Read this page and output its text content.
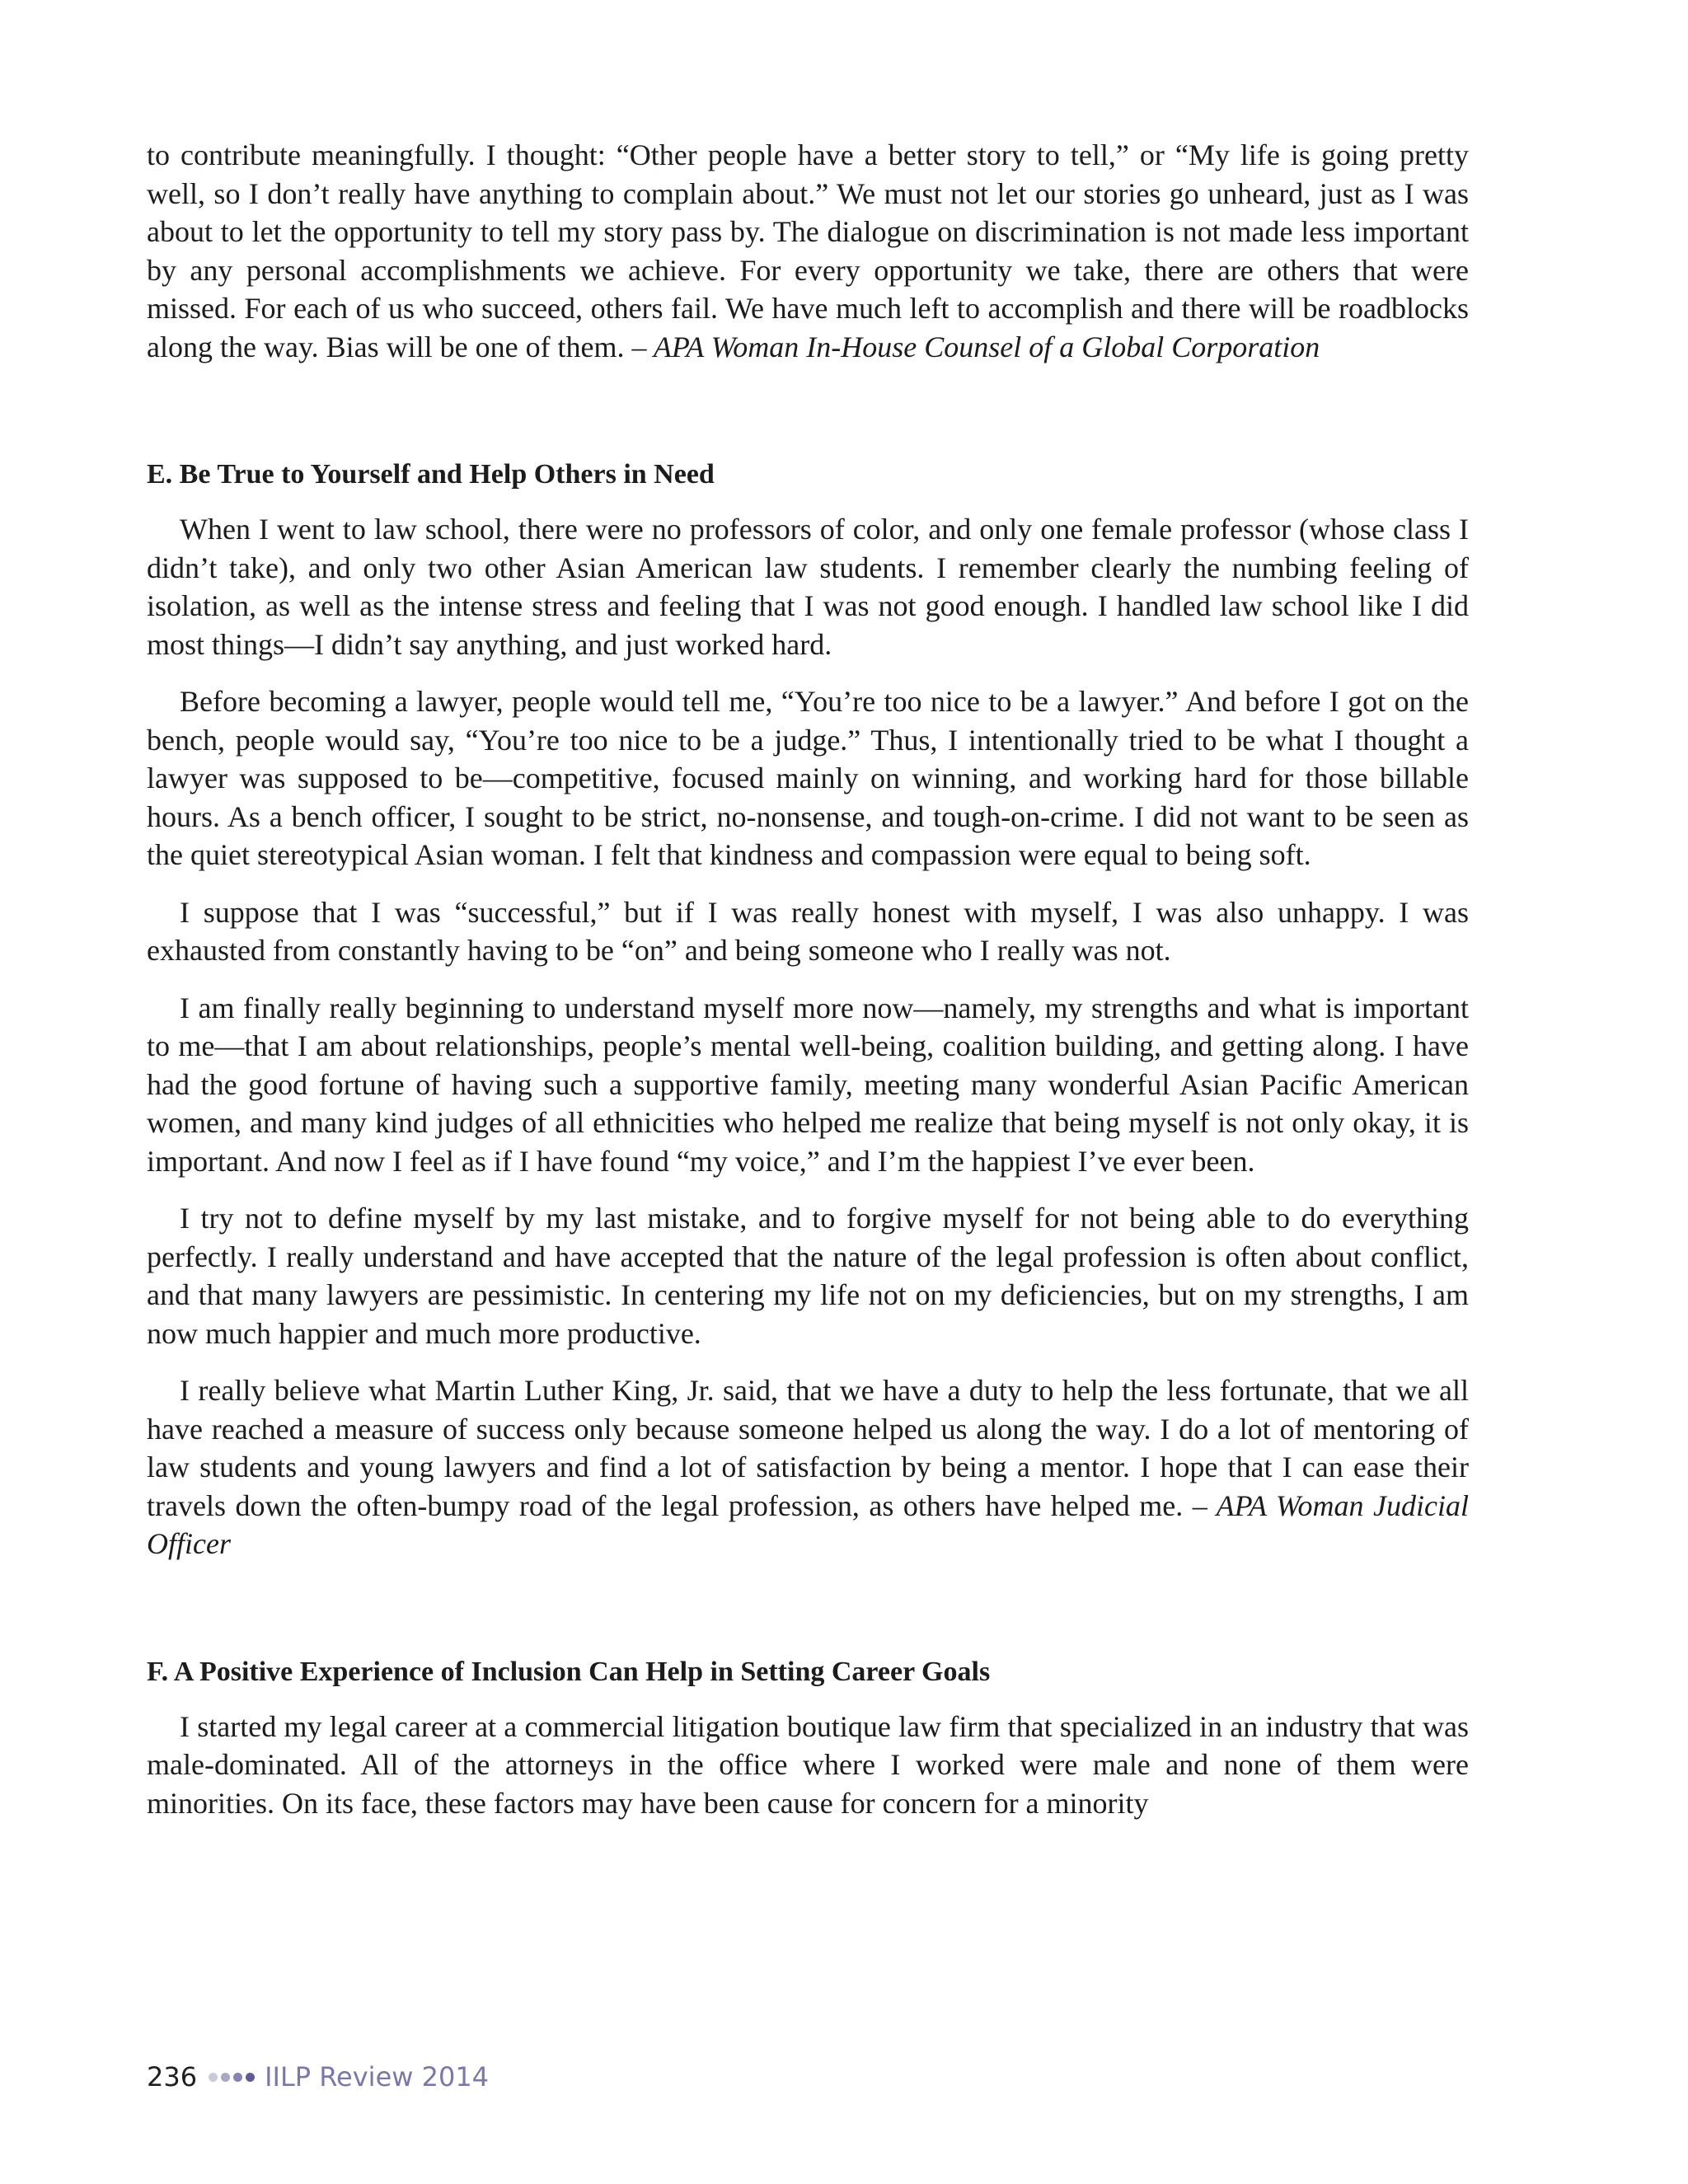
to contribute meaningfully. I thought: “Other people have a better story to tell,” or “My life is going pretty well, so I don’t really have anything to complain about.” We must not let our stories go unheard, just as I was about to let the opportunity to tell my story pass by. The dialogue on discrimination is not made less important by any personal accomplishments we achieve. For every opportunity we take, there are others that were missed. For each of us who succeed, others fail. We have much left to accomplish and there will be roadblocks along the way. Bias will be one of them. – APA Woman In-House Counsel of a Global Corporation

E. Be True to Yourself and Help Others in Need

When I went to law school, there were no professors of color, and only one female professor (whose class I didn’t take), and only two other Asian American law students. I remember clearly the numbing feeling of isolation, as well as the intense stress and feeling that I was not good enough. I handled law school like I did most things—I didn’t say anything, and just worked hard.

Before becoming a lawyer, people would tell me, “You’re too nice to be a lawyer.” And before I got on the bench, people would say, “You’re too nice to be a judge.” Thus, I intentionally tried to be what I thought a lawyer was supposed to be—competitive, focused mainly on winning, and working hard for those billable hours. As a bench officer, I sought to be strict, no-nonsense, and tough-on-crime. I did not want to be seen as the quiet stereotypical Asian woman. I felt that kindness and compassion were equal to being soft.

I suppose that I was “successful,” but if I was really honest with myself, I was also unhappy. I was exhausted from constantly having to be “on” and being someone who I really was not.

I am finally really beginning to understand myself more now—namely, my strengths and what is important to me—that I am about relationships, people’s mental well-being, coalition building, and getting along. I have had the good fortune of having such a supportive family, meeting many wonderful Asian Pacific American women, and many kind judges of all ethnicities who helped me realize that being myself is not only okay, it is important. And now I feel as if I have found “my voice,” and I’m the happiest I’ve ever been.

I try not to define myself by my last mistake, and to forgive myself for not being able to do everything perfectly. I really understand and have accepted that the nature of the legal profession is often about conflict, and that many lawyers are pessimistic. In centering my life not on my deficiencies, but on my strengths, I am now much happier and much more productive.

I really believe what Martin Luther King, Jr. said, that we have a duty to help the less fortunate, that we all have reached a measure of success only because someone helped us along the way. I do a lot of mentoring of law students and young lawyers and find a lot of satisfaction by being a mentor. I hope that I can ease their travels down the often-bumpy road of the legal profession, as others have helped me. – APA Woman Judicial Officer

F. A Positive Experience of Inclusion Can Help in Setting Career Goals

I started my legal career at a commercial litigation boutique law firm that specialized in an industry that was male-dominated. All of the attorneys in the office where I worked were male and none of them were minorities. On its face, these factors may have been cause for concern for a minority

236	IILP Review 2014
